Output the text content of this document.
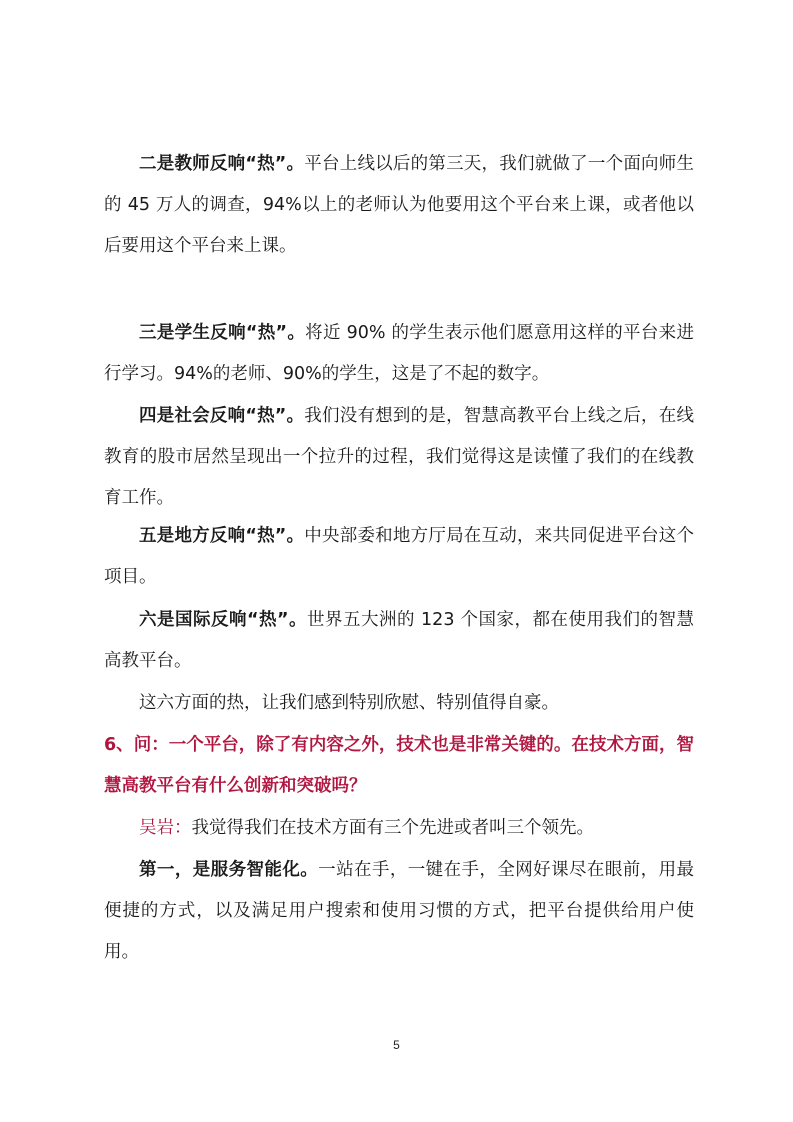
二是教师反响“热”。平台上线以后的第三天，我们就做了一个面向师生的 45 万人的调查，94%以上的老师认为他要用这个平台来上课，或者他以后要用这个平台来上课。

三是学生反响“热”。将近 90% 的学生表示他们愿意用这样的平台来进行学习。94%的老师、90%的学生，这是了不起的数字。

四是社会反响“热”。我们没有想到的是，智慧高教平台上线之后，在线教育的股市居然呈现出一个拉升的过程，我们觉得这是读懂了我们的在线教育工作。

五是地方反响“热”。中央部委和地方厅局在互动，来共同促进平台这个项目。

六是国际反响“热”。世界五大洲的 123 个国家，都在使用我们的智慧高教平台。

这六方面的热，让我们感到特别欣慰、特别值得自豪。

6、问：一个平台，除了有内容之外，技术也是非常关键的。在技术方面，智慧高教平台有什么创新和突破吗？

吴岩：我觉得我们在技术方面有三个先进或者叫三个领先。

第一，是服务智能化。一站在手，一键在手，全网好课尽在眼前，用最便捷的方式，以及满足用户搜索和使用习惯的方式，把平台提供给用户使用。

5
